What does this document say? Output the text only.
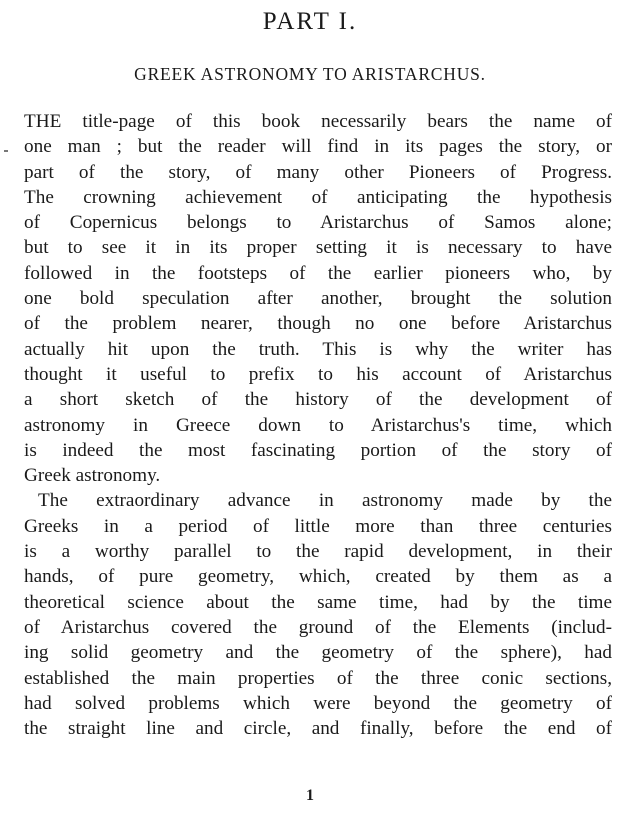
PART I.
GREEK ASTRONOMY TO ARISTARCHUS.
THE title-page of this book necessarily bears the name of
one man ; but the reader will find in its pages the story, or
part of the story, of many other Pioneers of Progress.
The crowning achievement of anticipating the hypothesis
of Copernicus belongs to Aristarchus of Samos alone;
but to see it in its proper setting it is necessary to have
followed in the footsteps of the earlier pioneers who, by
one bold speculation after another, brought the solution
of the problem nearer, though no one before Aristarchus
actually hit upon the truth. This is why the writer has
thought it useful to prefix to his account of Aristarchus
a short sketch of the history of the development of
astronomy in Greece down to Aristarchus's time, which
is indeed the most fascinating portion of the story of
Greek astronomy.
The extraordinary advance in astronomy made by the
Greeks in a period of little more than three centuries
is a worthy parallel to the rapid development, in their
hands, of pure geometry, which, created by them as a
theoretical science about the same time, had by the time
of Aristarchus covered the ground of the Elements (includ-
ing solid geometry and the geometry of the sphere), had
established the main properties of the three conic sections,
had solved problems which were beyond the geometry of
the straight line and circle, and finally, before the end of
1
